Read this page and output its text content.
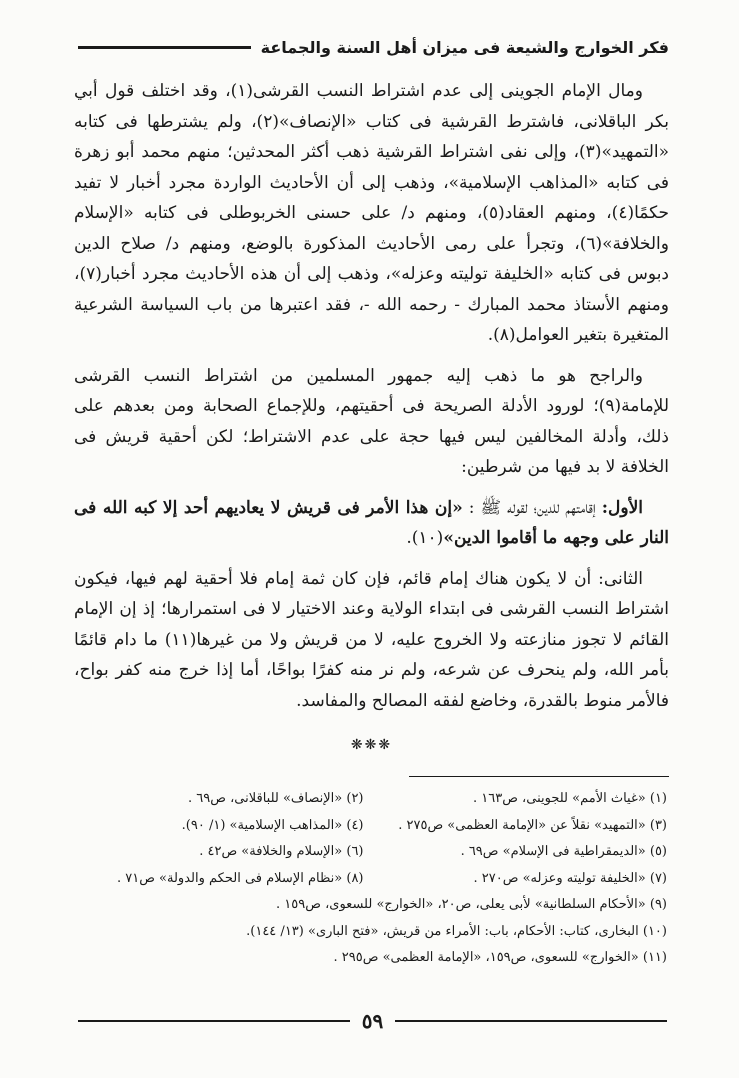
فكر الخوارج والشيعة فى ميزان أهل السنة والجماعة

ومال الإمام الجوينى إلى عدم اشتراط النسب القرشى(١)، وقد اختلف قول أبي بكر الباقلانى، فاشترط القرشية فى كتاب «الإنصاف»(٢)، ولم يشترطها فى كتابه «التمهيد»(٣)، وإلى نفى اشتراط القرشية ذهب أكثر المحدثين؛ منهم محمد أبو زهرة فى كتابه «المذاهب الإسلامية»، وذهب إلى أن الأحاديث الواردة مجرد أخبار لا تفيد حكمًا(٤)، ومنهم العقاد(٥)، ومنهم د/ على حسنى الخربوطلى فى كتابه «الإسلام والخلافة»(٦)، وتجرأ على رمى الأحاديث المذكورة بالوضع، ومنهم د/ صلاح الدين دبوس فى كتابه «الخليفة توليته وعزله»، وذهب إلى أن هذه الأحاديث مجرد أخبار(٧)، ومنهم الأستاذ محمد المبارك - رحمه الله -، فقد اعتبرها من باب السياسة الشرعية المتغيرة بتغير العوامل(٨).

والراجح هو ما ذهب إليه جمهور المسلمين من اشتراط النسب القرشى للإمامة(٩)؛ لورود الأدلة الصريحة فى أحقيتهم، وللإجماع الصحابة ومن بعدهم على ذلك، وأدلة المخالفين ليس فيها حجة على عدم الاشتراط؛ لكن أحقية قريش فى الخلافة لا بد فيها من شرطين:

الأول: إقامتهم للدين؛ لقوله ﷺ : «إن هذا الأمر فى قريش لا يعاديهم أحد إلا كبه الله فى النار على وجهه ما أقاموا الدين»(١٠).

الثانى: أن لا يكون هناك إمام قائم، فإن كان ثمة إمام فلا أحقية لهم فيها، فيكون اشتراط النسب القرشى فى ابتداء الولاية وعند الاختيار لا فى استمرارها؛ إذ إن الإمام القائم لا تجوز منازعته ولا الخروج عليه، لا من قريش ولا من غيرها(١١) ما دام قائمًا بأمر الله، ولم ينحرف عن شرعه، ولم نر منه كفرًا بواحًا، أما إذا خرج منه كفر بواح، فالأمر منوط بالقدرة، وخاضع لفقه المصالح والمفاسد.

❋❋❋
(١) «غياث الأمم» للجوينى، ص١٦٣ .
(٢) «الإنصاف» للباقلانى، ص٦٩ .
(٣) «التمهيد» نقلاً عن «الإمامة العظمى» ص٢٧٥ .
(٤) «المذاهب الإسلامية» (١/ ٩٠).
(٥) «الديمقراطية فى الإسلام» ص٦٩ .
(٦) «الإسلام والخلافة» ص٤٢ .
(٧) «الخليفة توليته وعزله» ص٢٧٠ .
(٨) «نظام الإسلام فى الحكم والدولة» ص٧١ .
(٩) «الأحكام السلطانية» لأبى يعلى، ص٢٠، «الخوارج» للسعوى، ص١٥٩ .
(١٠) البخارى، كتاب: الأحكام، باب: الأمراء من قريش، «فتح البارى» (١٣/ ١٤٤).
(١١) «الخوارج» للسعوى، ص١٥٩، «الإمامة العظمى» ص٢٩٥ .
٥٩
